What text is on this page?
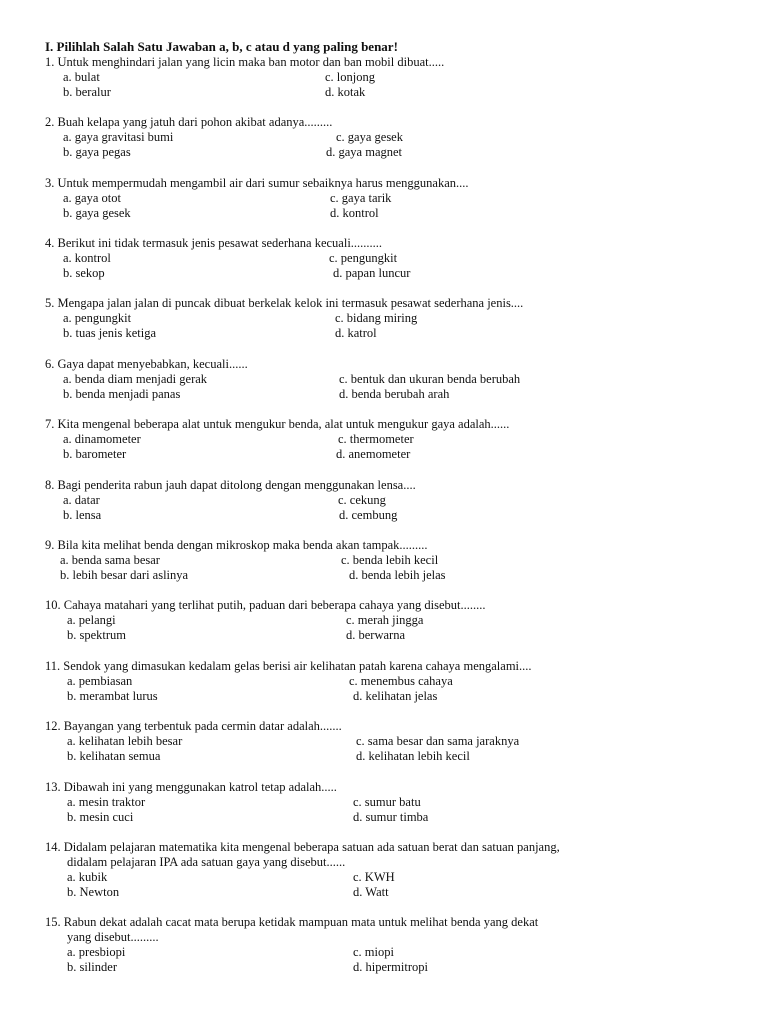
I. Pilihlah Salah Satu Jawaban a, b, c atau d yang paling benar!
1. Untuk menghindari jalan yang licin maka ban motor dan ban mobil dibuat.....
a. bulat	c. lonjong
b. beralur	d. kotak
2. Buah kelapa yang jatuh dari pohon akibat adanya.........
a. gaya gravitasi bumi	c. gaya gesek
b. gaya pegas	d. gaya magnet
3. Untuk mempermudah mengambil air dari sumur sebaiknya harus menggunakan....
a. gaya otot	c. gaya tarik
b. gaya gesek	d. kontrol
4. Berikut ini tidak termasuk jenis pesawat sederhana kecuali..........
a. kontrol	c. pengungkit
b. sekop	d. papan luncur
5. Mengapa jalan jalan di puncak dibuat berkelak kelok ini termasuk pesawat sederhana jenis....
a. pengungkit	c. bidang miring
b. tuas jenis ketiga	d. katrol
6. Gaya dapat menyebabkan, kecuali......
a. benda diam menjadi gerak	c. bentuk dan ukuran benda berubah
b. benda menjadi panas	d. benda berubah arah
7. Kita mengenal beberapa alat untuk mengukur benda, alat untuk mengukur gaya adalah......
a. dinamometer	c. thermometer
b. barometer	d. anemometer
8. Bagi penderita rabun jauh dapat ditolong dengan menggunakan lensa....
a. datar	c. cekung
b. lensa	d. cembung
9. Bila kita melihat benda dengan mikroskop maka benda akan tampak.........
a. benda sama besar	c. benda lebih kecil
b. lebih besar dari aslinya	d. benda lebih jelas
10. Cahaya matahari yang terlihat putih, paduan dari beberapa cahaya yang disebut........
a. pelangi	c. merah jingga
b. spektrum	d. berwarna
11. Sendok yang dimasukan kedalam gelas berisi air kelihatan patah karena cahaya mengalami....
a. pembiasan	c. menembus cahaya
b. merambat lurus	d. kelihatan jelas
12. Bayangan yang terbentuk pada cermin datar adalah.......
a. kelihatan lebih besar	c. sama besar dan sama jaraknya
b. kelihatan semua	d. kelihatan lebih kecil
13. Dibawah ini yang menggunakan katrol tetap adalah.....
a. mesin traktor	c. sumur batu
b. mesin cuci	d. sumur timba
14. Didalam pelajaran matematika kita mengenal beberapa satuan ada satuan berat dan satuan panjang,
didalam pelajaran IPA ada satuan gaya yang disebut......
a. kubik	c. KWH
b. Newton	d. Watt
15. Rabun dekat adalah cacat mata berupa ketidak mampuan mata untuk melihat benda yang dekat
yang disebut.........
a. presbiopi	c. miopi
b. silinder	d. hipermitropi
